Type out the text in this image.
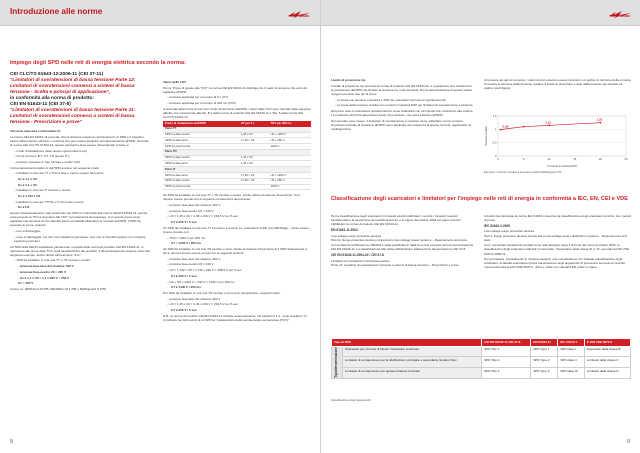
Introduzione alle norme
DEHN + SÖHNE
Impiego degli SPD nelle reti di energia elettrica secondo la norma:
CEI CLC/TS 61643-12:2006-11 (CEI 37-11)
"Limitatori di sovratensioni di bassa tensione Parte 12: Limitatori di sovratensioni connessi a sistemi di bassa tensione - Scelta e principi di applicazione",
in conformità alla norma di prodotto:
CEI EN 61643-11 (CEI 37-8)
"Limitatori di sovratensioni di bassa tensione Parte 11: Limitatori di sovratensioni connessi a sistemi di bassa tensione - Prescrizioni e prove"

Tensione massima continuativa Uc

La norma CEI EN 61643-11 prevede, che la tensione massima continuativa di un SPD è il massimo valore della tensione efficace o continua che può essere applicato permanentemente all'SPD. Secondo la norma CEI CLC/TS 61643-12, questo parametro deve essere dimensionato in base a:

– modo d'installazione (fase-neutro oppure fase-terra);

– forma di rete in B.T. (TT, TN oppure IT);

– tensione presente in rete tra fase e neutro (U0).

Il dimensionamento della Uc dell'SPD avviene nel seguente modo:

– installato in una rete TT o TN tra fase e neutro oppure fase-terra:

Uc ≥ 1,1 x U0

Uc ≥ 1,1 x U0

– installato in una rete IT tra fase e neutro:

Uc ≥ 1,732 x U0

– installato in una rete TT/TN o IT tra neutro e terra:

Uc ≥ U0

Questo dimensionamento vale solamente per SPD in conformità alla norma CEI EN 61643-11, perché essa prevede la "Prova di guasto alle TOV" (sovratensioni temporanee). Con questa prova viene applicata una tensione di rete alterata (tanto nel tabella allacciato) ai morsetti dell'SPD. L'SPD ha superato le prove, quando:

– non si danneggia;

– esso si danneggia, ma non crea situazioni pericolose, cioè non si incendia oppure non compare esplosivi pericolosi.

Gli SPD della DEHN soddisfano pienamente i requisiti della norma di prodotto CEI EN 61643-11, in riferimento alle prove delle TOV (vedi caratteristiche dei prodotti). Il dimensionamento avviene come dal seguente esempio, anche riferito all'inserzione "3+1":

– SPD da installare in una rete TT o TN tra fase e neutro:

- tensione fase-fase del sistema: 400 V

- tensione fase-neutro U0 = 230 V

- Uc ≥ 1,1 x U0 = 1,1 x 230 V = 253 V

Uc = 255 V

(vedi p.es. DEHNvent M 255, DEHNbloc M 1 255 o DEHNguard S 275)

Valori delle TOV

Per la "Prova di guasto alle TOV", la norma CEI EN 61643-11 distingue tra 2 valori di tensione che sono da applicare all'SPD:

– tensione applicata per un tempo di 5 s (UT)

– tensione applicata per un tempo di 200 ms (TOV)

A seconda della forma di rete ed il modo d'inserzione dell'SPD, i valori delle TOV sono riportati nella seguente tabella, che corrisponde alla tab. B.1 della norma di prodotto CEI EN 61643-11 e Tab. 5 della norma CEI CLC/TS 61643-12.

Punto di installazione dell'SPD	UT per 5 s	TOV per 200 ms
Parte TT		
SPD tra fase-neutro	1,45 x U0	U0 + 1200 V
SPD tra fase-terra	1,732 x U0	U0 + 250 V
SPD tra neutro-terra		1200 V
Parte TN		
SPD tra fase-neutro	1,45 x U0	
SPD tra fase-terra	1,45 x U0	
Parte IT		
SPD tra fase-terra	1,732 x U0	U0 + 1200 V
SPD tra fase-neutro	1,732 x U0	U0 + 250 V
SPD tra neutro-terra		1200 V

Gli SPD da installare in una rete TT o TN tra fase e neutro, anche riferito al sistema d'inserzione "3+1", devono essere provati con le seguenti sovratensioni temporanee:

– tensione fase-fase del sistema: 400 V

– tensione fase-neutro U0 = 230 V

– U0 = 1,45 x U0 = 1,45 x 230 V = 333,5 V per 5 sec.

UT ≥ 335 V / 5 sec.

Un SPD da installare in una rete TT tra neutro e terra (p.es. scaricatore N-PE, tipo DEHNgap...) deve essere invece provato con:

– TOV = 1200 V per 200 ms

UT = 1200 V / 200 ms

Gli SPD da installare in una rete TN tra fase e terra, riferito al sistema d'inserzione di 4 SPD direttamente a terra, devono invece essere provati con le seguenti tensioni:

– tensione fase-fase del sistema: 400 V

– tensione fase-neutro U0 = 230 V

– U0 = 1,732 x U0 = 1,732 x 230 V = 398,5 V per 5 sec.

UT ≥ 400 V / 5 sec.

– U0 + U0 = 1200 V + 230 V = 1430 V per 200 ms

UT ≥ 1430 V / 200 ms

Per SPD da installare in una rete TN tra fase e terra sono da applicare i seguenti valori:

– tensione fase-fase del sistema: 400 V

– U0 = 1,45 x U0 = 1,45 x 230 V = 333,5 V per 5 sec.

UT ≥ 335 V / 5 sec.

N.B.: la norma di prodotto CEI EN 61643-11 richiede espressamente, nel capitolo 6.1.1., sotto la lettera "m", di indicare nei dati tecnici di un SPD la "Caratteristica della sovratensione temporanea (TOV)".

8
DEHN + SÖHNE

Livello di protezione Up

Il livello di protezione Up secondo la norma di prodotto CEI EN 61643-11, è il parametro che caratterizza la prestazione dell'SPD nel limitare la tensione tra i suoi terminali. Per la determinazione di questo valore vengono previste due tipi di prove:

– la prova con tensione impulsiva 1,2/50 per scaricatori ad innesco (spinterometri);

– la prova della tensione residua con corrente impulsiva 8/20 per limitatori di sovratensione a varistore.

Nel primo caso lo scaricatore spinterometrico viene sollecitato con 10 impulsi che conducono alla scarica. La media dei 10 picchi determina il livello di protezione, che verrà indicato sull'SPD.

Nel secondo caso invece, il limitatore di sovratensione a varistore viene sollecitato con la corrente impulsiva nominale di scarica In all'SPD viene applicata una sequenza di queste correnti, registrando un oscillogramma

di tensione ad ogni di corrente, I valori di picco devono essere riportati in un grafico in funzione della corrente di scarica in funzione della tensione residua. Il livello di protezione è dato dalla tensione più elevata sul grafico (vedi figura).

0
0,5
1
1,5
0	5	10	15	20	25
Corrente impulsiva 8/20
Tensione residua	0,99
1,15
1,25
Esempio: corrente impulsiva tensione residua DEHNguard 275
Classificazione degli scaricatori e limitatori per l'impiego nelle reti di energia in conformità a IEC, EN, CEI e VDE

Per la classificazione degli scaricatori in impianti elettrici utilizzatori, nonché i rispettivi requisiti fondamentali e la descrizione dei certificati tecnici, è in vigore dal ottobre 2004 nei paesi membri CENELEC la norma di prodotto CEI EN 61643-11.

EN 61643-11:2002

Low-voltage surge protective devices
Part 11: Surge protective devices connected to low-voltage power systems – Requirements and tests

Con la data di pubblicazione 2004/02 è stata pubblicata in Italia la norma europea sotto la denominazione CEI EN 61643-11. La classificazione CEI della pubblicazione italiana ha la denominazione CEI 37-8.

CEI EN 61643-11:2004-02 / CEI 37-8

Limitatori di sovratensioni di bassa tensione
Parte 11: Limitatori di sovratensioni connessi a sistemi di bassa tensione – Prescrizioni e prove

A livello internazionale la norma IEC 61643-1 descrive la classificazione degli scaricatori nonché i loro metodi di prova.

IEC 61643-1:2005

Low-voltage surge protective devices
Part 1: Surge protective devices connected to low-voltage power distribution systems – Requirements and tests

Con i sopracitati standard di prodotto sono stati abrogati, dopo il termine del mese di ottobre 2004, le classificazioni degli scaricatori utilizzati in Germania, "Scaricatore della classe B, C, D" secondo E DIN VDE 0675-6:1989-11.

Per permettere, specialmente in impianti esistenti, una comparazione con l'attuale classificazione degli scaricatori, la tabella sottostante riporta l'associazione degli apparecchi di protezione secondo la vecchia norma nazionale E DIN VDE 0675-6, -6/A1 e -6/A2 con standard EN e IEC in vigore.

Tipo di SPD		CEI EN 61643-11 CEI 37-8	EN 61643-11	IEC 61643-1	E DIN VDE 0675-6

Tipo/denominazione	Scaricatori per corrente di fulmine Scaricatori combinati	SPD Tipo 1	SPD Type 1	SPD class I	Scaricatori della classe B
	Limitatori di sovratensione per la distribuzione principale e secondaria, limitatori fissi	SPD Tipo 2	SPD Type 2	SPD class II	Limitatori della classe C
	Limitatori di sovratensione per apparecchiature terminali	SPD Tipo 3	SPD Type 3	SPD class III	Limitatori della classe D
Classificazione degli apparecchi
9
